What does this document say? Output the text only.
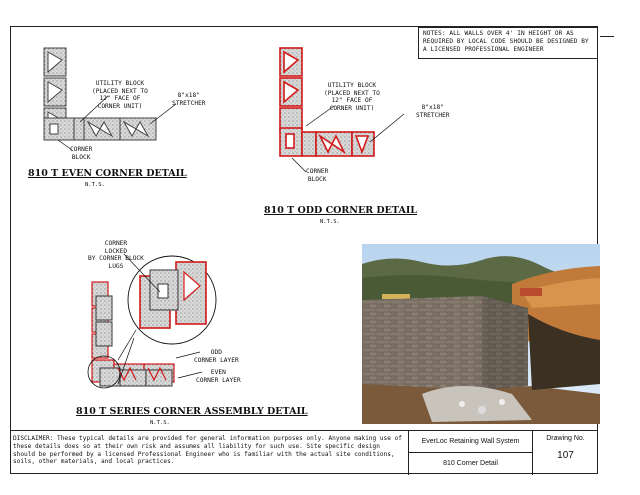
NOTES: ALL WALLS OVER 4' IN HEIGHT OR AS REQUIRED BY LOCAL CODE SHOULD BE DESIGNED BY A LICENSED PROFESSIONAL ENGINEER
UTILITY BLOCK
(PLACED NEXT TO
12" FACE OF
CORNER UNIT)
8"x18"
STRETCHER
CORNER
BLOCK
810 T EVEN CORNER DETAIL
N.T.S.
UTILITY BLOCK
(PLACED NEXT TO
12" FACE OF
CORNER UNIT)	8"x18"
STRETCHER
CORNER
BLOCK
810 T ODD CORNER DETAIL
N.T.S.
CORNER
LOCKED
BY CORNER BLOCK
LUGS
ODD
CORNER LAYER
EVEN
CORNER LAYER
810 T SERIES CORNER ASSEMBLY DETAIL
N.T.S.
DISCLAIMER: These typical details are provided for general information purposes only. Anyone making use of these details does so at their own risk and assumes all liability for such use. Site specific design should be performed by a licensed Professional Engineer who is familiar with the actual site conditions, soils, other materials, and local practices.
EverLoc Retaining Wall System
810 Corner Detail
Drawing No.
107
